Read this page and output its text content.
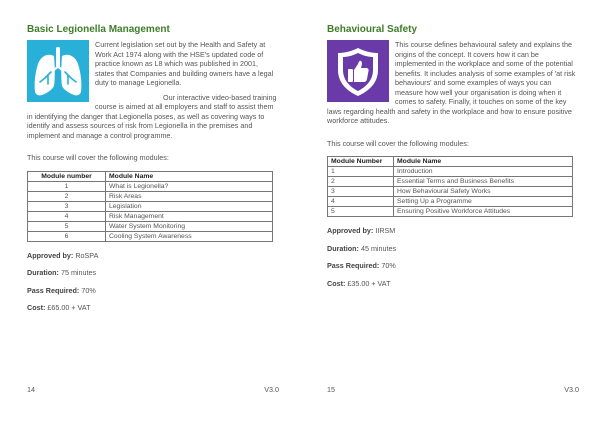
Basic Legionella Management

Current legislation set out by the Health and Safety at Work Act 1974 along with the HSE's updated code of practice known as L8 which was published in 2001, states that Companies and building owners have a legal duty to manage Legionella.

Our interactive video-based training course is aimed at all employers and staff to assist them in identifying the danger that Legionella poses, as well as covering ways to identify and assess sources of risk from Legionella in the premises and implement and manage a control programme.

This course will cover the following modules:
Module number	Module Name
1	What is Legionella?
2	Risk Areas
3	Legislation
4	Risk Management
5	Water System Monitoring
6	Cooling System Awareness
Approved by: RoSPA
Duration: 75 minutes
Pass Required: 70%
Cost: £65.00 + VAT
14	V3.0
Behavioural Safety

This course defines behavioural safety and explains the origins of the concept. It covers how it can be implemented in the workplace and some of the potential benefits. It includes analysis of some examples of 'at risk behaviours' and some examples of ways you can measure how well your organisation is doing when it comes to safety. Finally, it touches on some of the key laws regarding health and safety in the workplace and how to ensure positive workforce attitudes.

This course will cover the following modules:
Module Number	Module Name
1	Introduction
2	Essential Terms and Business Benefits
3	How Behavioural Safety Works
4	Setting Up a Programme
5	Ensuring Positive Workforce Attitudes
Approved by: IIRSM
Duration: 45 minutes
Pass Required: 70%
Cost: £35.00 + VAT
15	V3.0
